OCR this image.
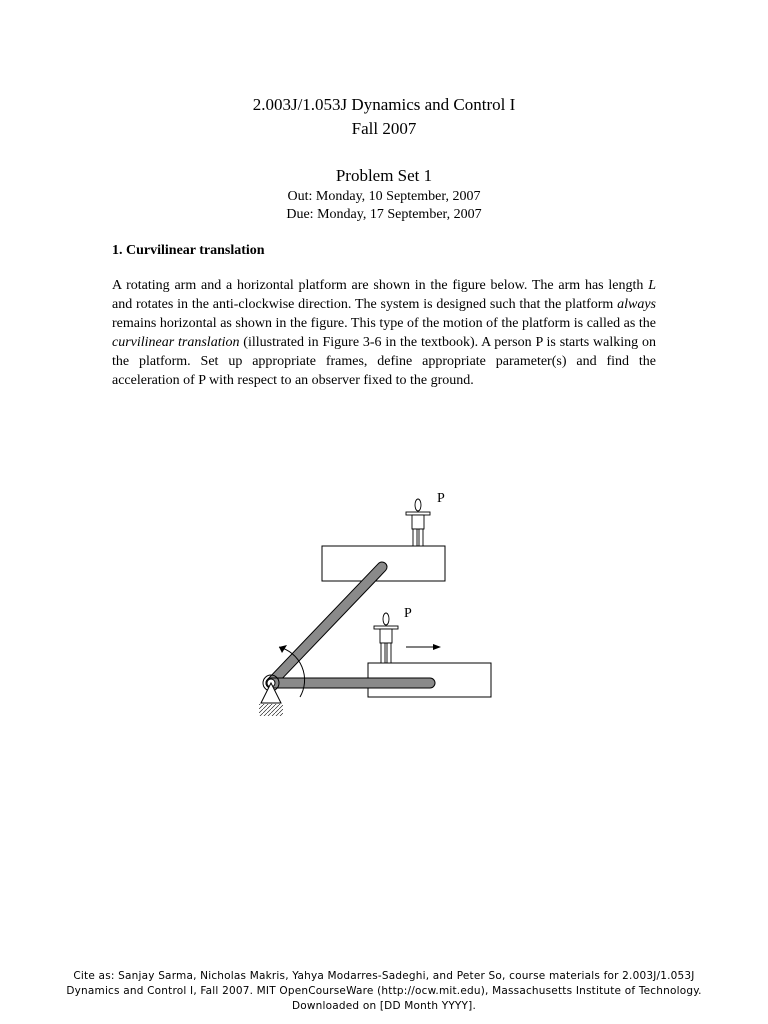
2.003J/1.053J Dynamics and Control I
Fall 2007
Problem Set 1
Out: Monday, 10 September, 2007
Due: Monday, 17 September, 2007
1. Curvilinear translation

A rotating arm and a horizontal platform are shown in the figure below. The arm has length L and rotates in the anti-clockwise direction. The system is designed such that the platform always remains horizontal as shown in the figure. This type of the motion of the platform is called as the curvilinear translation (illustrated in Figure 3-6 in the textbook). A person P is starts walking on the platform. Set up appropriate frames, define appropriate parameter(s) and find the acceleration of P with respect to an observer fixed to the ground.

P
P
Cite as: Sanjay Sarma, Nicholas Makris, Yahya Modarres-Sadeghi, and Peter So, course materials for 2.003J/1.053J
Dynamics and Control I, Fall 2007. MIT OpenCourseWare (http://ocw.mit.edu), Massachusetts Institute of Technology.
Downloaded on [DD Month YYYY].
